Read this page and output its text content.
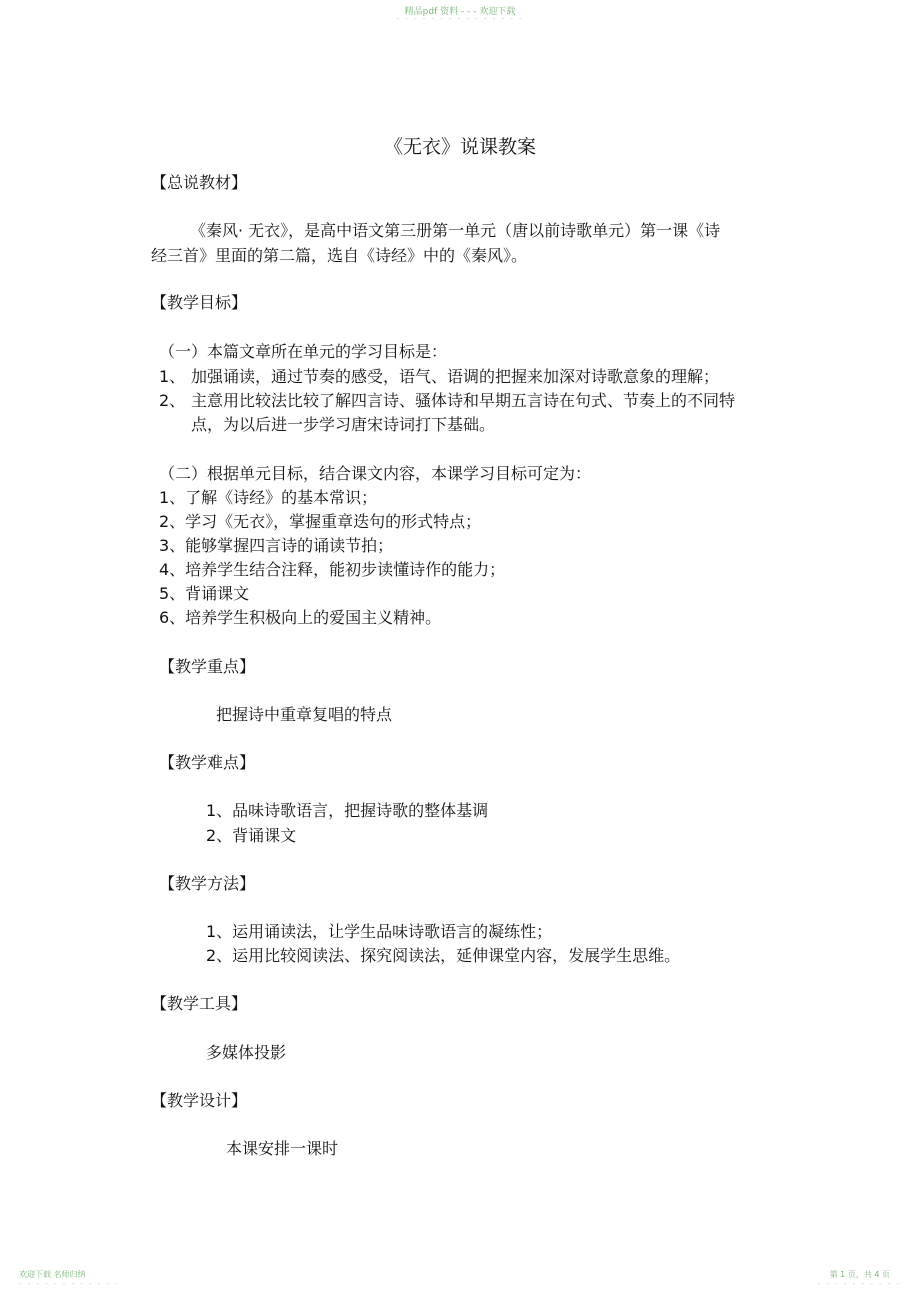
精品pdf 资料 - - - 欢迎下载
- - - - - - - - - - - - - - -
《无衣》说课教案
【总说教材】
《秦风· 无衣》，是高中语文第三册第一单元（唐以前诗歌单元）第一课《诗
经三首》里面的第二篇，选自《诗经》中的《秦风》。
【教学目标】
（一）本篇文章所在单元的学习目标是：
1、 加强诵读，通过节奏的感受，语气、语调的把握来加深对诗歌意象的理解；
2、 主意用比较法比较了解四言诗、骚体诗和早期五言诗在句式、节奏上的不同特
点，为以后进一步学习唐宋诗词打下基础。
（二）根据单元目标，结合课文内容，本课学习目标可定为：
1、了解《诗经》的基本常识；
2、学习《无衣》，掌握重章迭句的形式特点；
3、能够掌握四言诗的诵读节拍；
4、培养学生结合注释，能初步读懂诗作的能力；
5、背诵课文
6、培养学生积极向上的爱国主义精神。
【教学重点】
把握诗中重章复唱的特点
【教学难点】
1、品味诗歌语言，把握诗歌的整体基调
2、背诵课文
【教学方法】
1、运用诵读法，让学生品味诗歌语言的凝练性；
2、运用比较阅读法、探究阅读法，延伸课堂内容，发展学生思维。
【教学工具】
多媒体投影
【教学设计】
本课安排一课时
欢迎下载 名师归纳
- - - - - - - - - - - -
第 1 页，共 4 页
- - - - - - - - - -
